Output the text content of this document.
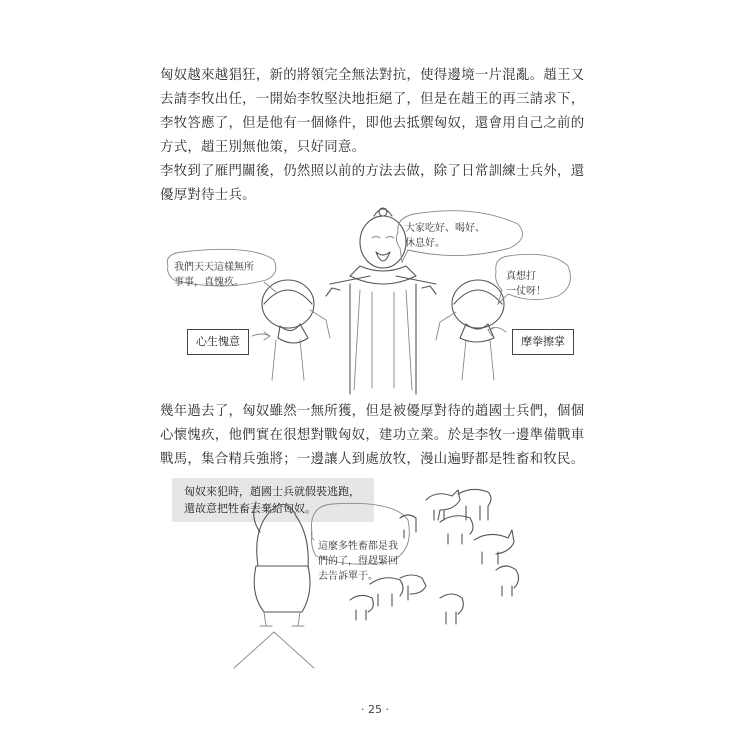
匈奴越來越猖狂，新的將領完全無法對抗，使得邊境一片混亂。趙王又
去請李牧出任，一開始李牧堅決地拒絕了，但是在趙王的再三請求下，
李牧答應了，但是他有一個條件，即他去抵禦匈奴，還會用自己之前的
方式，趙王別無他策，只好同意。
李牧到了雁門關後，仍然照以前的方法去做，除了日常訓練士兵外，還
優厚對待士兵。
大家吃好、喝好、
休息好。
我們天天這樣無所
事事，真愧疚。
真想打
一仗呀！
心生愧意	摩拳擦掌
幾年過去了，匈奴雖然一無所獲，但是被優厚對待的趙國士兵們，個個
心懷愧疚，他們實在很想對戰匈奴，建功立業。於是李牧一邊準備戰車
戰馬，集合精兵強將；一邊讓人到處放牧，漫山遍野都是牲畜和牧民。
匈奴來犯時，趙國士兵就假裝逃跑，
還故意把牲畜丟棄給匈奴。
這麼多牲畜都是我
們的了，得趕緊回
去告訴單于。
· 25 ·
